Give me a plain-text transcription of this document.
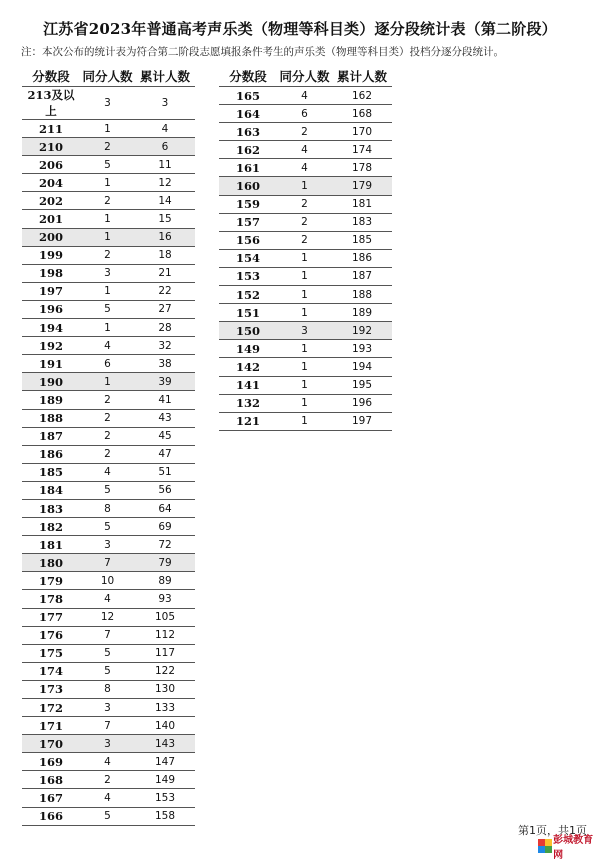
江苏省2023年普通高考声乐类（物理等科目类）逐分段统计表（第二阶段）
注：本次公布的统计表为符合第二阶段志愿填报条件考生的声乐类（物理等科目类）投档分逐分段统计。
分数段	同分人数	累计人数
213及以上	3	3
211	1	4
210	2	6
206	5	11
204	1	12
202	2	14
201	1	15
200	1	16
199	2	18
198	3	21
197	1	22
196	5	27
194	1	28
192	4	32
191	6	38
190	1	39
189	2	41
188	2	43
187	2	45
186	2	47
185	4	51
184	5	56
183	8	64
182	5	69
181	3	72
180	7	79
179	10	89
178	4	93
177	12	105
176	7	112
175	5	117
174	5	122
173	8	130
172	3	133
171	7	140
170	3	143
169	4	147
168	2	149
167	4	153
166	5	158
分数段	同分人数	累计人数
165	4	162
164	6	168
163	2	170
162	4	174
161	4	178
160	1	179
159	2	181
157	2	183
156	2	185
154	1	186
153	1	187
152	1	188
151	1	189
150	3	192
149	1	193
142	1	194
141	1	195
132	1	196
121	1	197
第1页，共1页
彭城教育网
